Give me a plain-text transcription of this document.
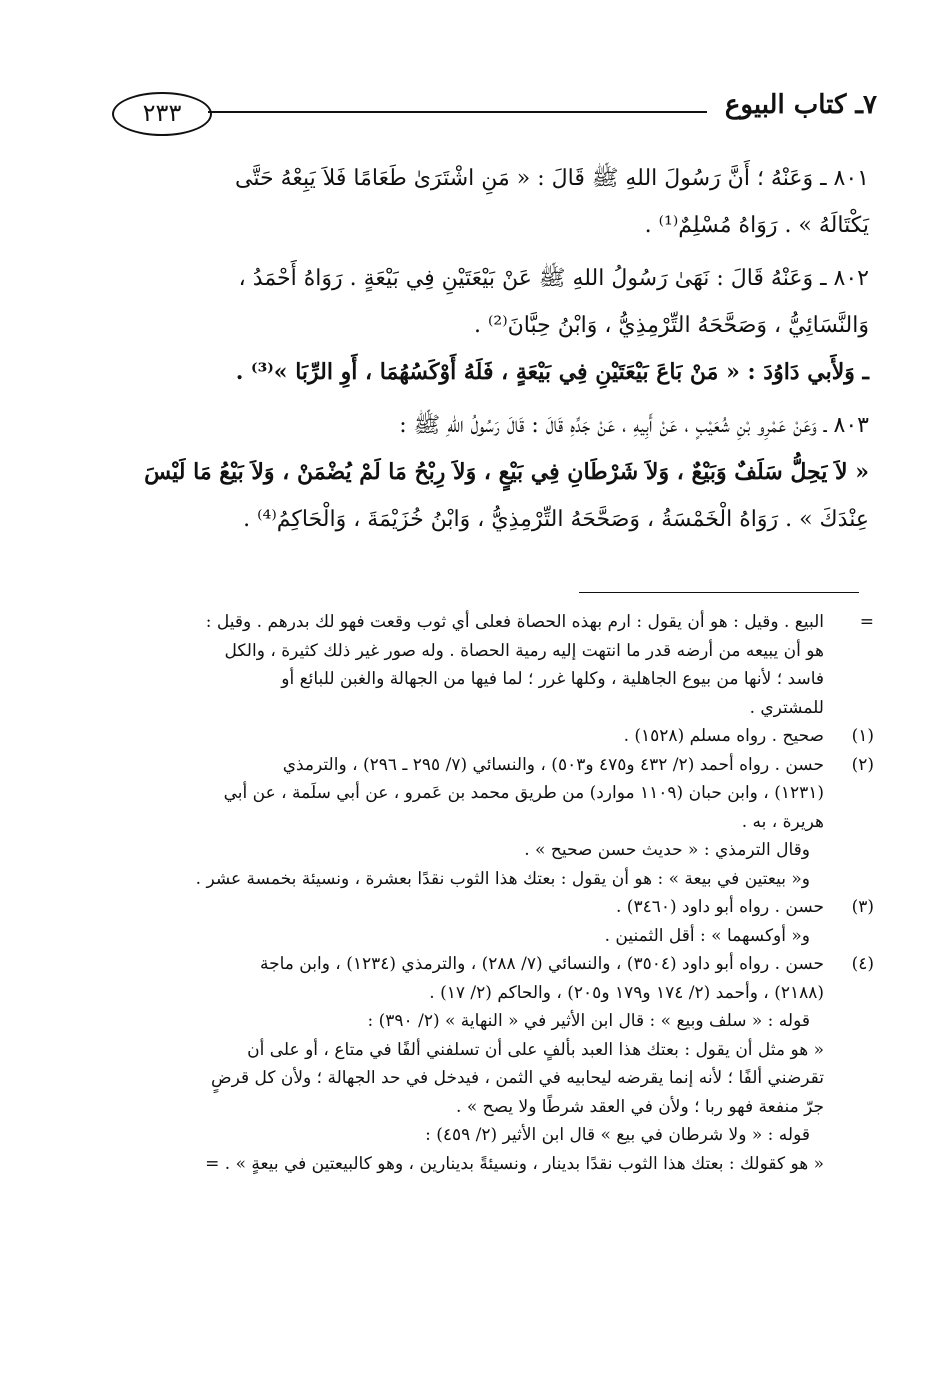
٢٣٣	٧ـ كتاب البيوع

٨٠١ ـ وَعَنْهُ ؛ أَنَّ رَسُولَ اللهِ ﷺ قَالَ : « مَنِ اشْتَرَىٰ طَعَامًا فَلاَ يَبِعْهُ حَتَّى

يَكْتَالَهُ » . رَوَاهُ مُسْلِمٌ⁽¹⁾ .

٨٠٢ ـ وَعَنْهُ قَالَ : نَهَىٰ رَسُولُ اللهِ ﷺ عَنْ بَيْعَتَيْنِ فِي بَيْعَةٍ . رَوَاهُ أَحْمَدُ ،

وَالنَّسَائِيُّ ، وَصَحَّحَهُ التِّرْمِذِيُّ ، وَابْنُ حِبَّانَ⁽²⁾ .

ـ وَلأَبي دَاوُدَ : « مَنْ بَاعَ بَيْعَتَيْنِ فِي بَيْعَةٍ ، فَلَهُ أَوْكَسُهُمَا ، أَوِ الرِّبَا »⁽³⁾ .

٨٠٣ ـ وَعَنْ عَمْرِو بْنِ شُعَيْبٍ ، عَنْ أَبِيهِ ، عَنْ جَدِّهِ قَالَ : قَالَ رَسُولُ اللهِ ﷺ :

« لاَ يَحِلُّ سَلَفٌ وَبَيْعٌ ، وَلاَ شَرْطَانِ فِي بَيْعٍ ، وَلاَ رِبْحُ مَا لَمْ يُضْمَنْ ، وَلاَ بَيْعُ مَا لَيْسَ

عِنْدَكَ » . رَوَاهُ الْخَمْسَةُ ، وَصَحَّحَهُ التِّرْمِذِيُّ ، وَابْنُ خُزَيْمَةَ ، وَالْحَاكِمُ⁽⁴⁾ .

=

البيع . وقيل : هو أن يقول : ارم بهذه الحصاة فعلى أي ثوب وقعت فهو لك بدرهم . وقيل :

هو أن يبيعه من أرضه قدر ما انتهت إليه رمية الحصاة . وله صور غير ذلك كثيرة ، والكل

فاسد ؛ لأنها من بيوع الجاهلية ، وكلها غرر ؛ لما فيها من الجهالة والغبن للبائع أو

للمشتري .

(١)

صحيح . رواه مسلم (١٥٢٨) .

(٢)

حسن . رواه أحمد (٢/ ٤٣٢ و٤٧٥ و٥٠٣) ، والنسائي (٧/ ٢٩٥ ـ ٢٩٦) ، والترمذي

(١٢٣١) ، وابن حبان (١١٠٩ موارد) من طريق محمد بن عَمرو ، عن أبي سلَمة ، عن أبي

هريرة ، به .

وقال الترمذي : « حديث حسن صحيح » .

و« بيعتين في بيعة » : هو أن يقول : بعتك هذا الثوب نقدًا بعشرة ، ونسيئة بخمسة عشر .

(٣)

حسن . رواه أبو داود (٣٤٦٠) .

و« أوكسهما » : أقل الثمنين .

(٤)

حسن . رواه أبو داود (٣٥٠٤) ، والنسائي (٧/ ٢٨٨) ، والترمذي (١٢٣٤) ، وابن ماجة

(٢١٨٨) ، وأحمد (٢/ ١٧٤ و١٧٩ و٢٠٥) ، والحاكم (٢/ ١٧) .

قوله : « سلف وبيع » : قال ابن الأثير في « النهاية » (٢/ ٣٩٠) :

« هو مثل أن يقول : بعتك هذا العبد بألفٍ على أن تسلفني ألفًا في متاع ، أو على أن

تقرضني ألفًا ؛ لأنه إنما يقرضه ليحابيه في الثمن ، فيدخل في حد الجهالة ؛ ولأن كل قرضٍ

جرّ منفعة فهو ربا ؛ ولأن في العقد شرطًا ولا يصح » .

قوله : « ولا شرطان في بيع » قال ابن الأثير (٢/ ٤٥٩) :

« هو كقولك : بعتك هذا الثوب نقدًا بدينار ، ونسيئةً بدينارين ، وهو كالبيعتين في بيعةٍ » . =
